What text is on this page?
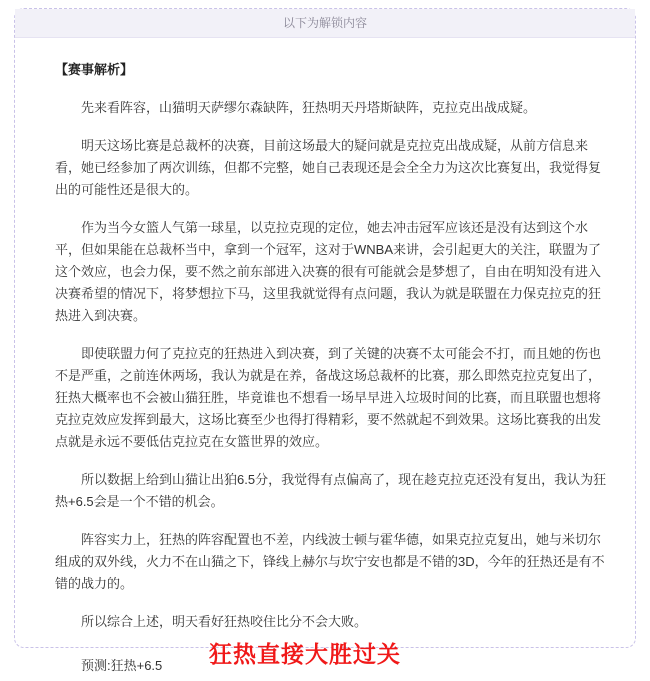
以下为解锁内容
【赛事解析】
先来看阵容，山猫明天萨缪尔森缺阵，狂热明天丹塔斯缺阵，克拉克出战成疑。
明天这场比赛是总裁杯的决赛，目前这场最大的疑问就是克拉克出战成疑，从前方信息来看，她已经参加了两次训练，但都不完整，她自己表现还是会全全力为这次比赛复出，我觉得复出的可能性还是很大的。
作为当今女篮人气第一球星，以克拉克现的定位，她去冲击冠军应该还是没有达到这个水平，但如果能在总裁杯当中，拿到一个冠军，这对于WNBA来讲，会引起更大的关注，联盟为了这个效应，也会力保，要不然之前东部进入决赛的很有可能就会是梦想了，自由在明知没有进入决赛希望的情况下，将梦想拉下马，这里我就觉得有点问题，我认为就是联盟在力保克拉克的狂热进入到决赛。
即使联盟力何了克拉克的狂热进入到决赛，到了关键的决赛不太可能会不打，而且她的伤也不是严重，之前连休两场，我认为就是在养，备战这场总裁杯的比赛，那么即然克拉克复出了，狂热大概率也不会被山猫狂胜，毕竟谁也不想看一场早早进入垃圾时间的比赛，而且联盟也想将克拉克效应发挥到最大，这场比赛至少也得打得精彩，要不然就起不到效果。这场比赛我的出发点就是永远不要低估克拉克在女篮世界的效应。
所以数据上给到山猫让出狛6.5分，我觉得有点偏高了，现在趁克拉克还没有复出，我认为狂热+6.5会是一个不错的机会。
阵容实力上，狂热的阵容配置也不差，内线波士顿与霍华德，如果克拉克复出，她与米切尔组成的双外线，火力不在山猫之下，锋线上赫尔与坎宁安也都是不错的3D，今年的狂热还是有不错的战力的。
所以综合上述，明天看好狂热咬住比分不会大败。
预测:狂热+6.5 狂热直接大胜过关
